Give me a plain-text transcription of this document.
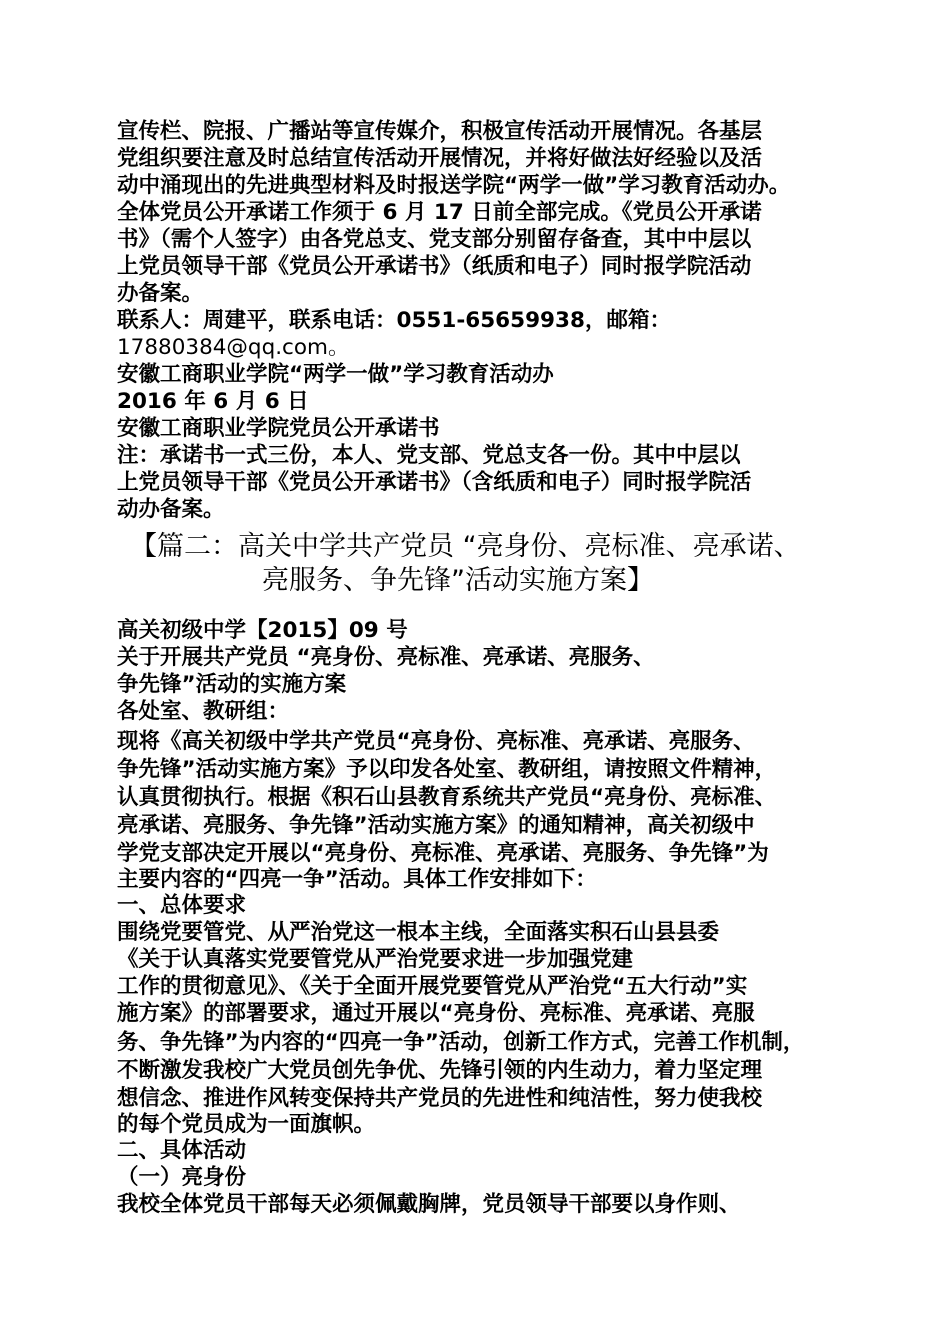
宣传栏、院报、广播站等宣传媒介，积极宣传活动开展情况。各基层
党组织要注意及时总结宣传活动开展情况，并将好做法好经验以及活
动中涌现出的先进典型材料及时报送学院“两学一做”学习教育活动办。
全体党员公开承诺工作须于 6 月 17 日前全部完成。《党员公开承诺
书》（需个人签字）由各党总支、党支部分别留存备查，其中中层以
上党员领导干部《党员公开承诺书》（纸质和电子）同时报学院活动
办备案。
联系人：周建平，联系电话：0551-65659938，邮箱：
17880384@qq.com。
安徽工商职业学院“两学一做”学习教育活动办
2016 年 6 月 6 日
安徽工商职业学院党员公开承诺书
注：承诺书一式三份，本人、党支部、党总支各一份。其中中层以
上党员领导干部《党员公开承诺书》（含纸质和电子）同时报学院活
动办备案。
【篇二：高关中学共产党员 “亮身份、亮标准、亮承诺、
亮服务、争先锋”活动实施方案】
高关初级中学【2015】09 号
关于开展共产党员 “亮身份、亮标准、亮承诺、亮服务、
争先锋”活动的实施方案
各处室、教研组：
现将《高关初级中学共产党员“亮身份、亮标准、亮承诺、亮服务、
争先锋”活动实施方案》予以印发各处室、教研组，请按照文件精神，
认真贯彻执行。根据《积石山县教育系统共产党员“亮身份、亮标准、
亮承诺、亮服务、争先锋”活动实施方案》的通知精神，高关初级中
学党支部决定开展以“亮身份、亮标准、亮承诺、亮服务、争先锋”为
主要内容的“四亮一争”活动。具体工作安排如下：
一、总体要求
围绕党要管党、从严治党这一根本主线，全面落实积石山县县委
《关于认真落实党要管党从严治党要求进一步加强党建
工作的贯彻意见》、《关于全面开展党要管党从严治党“五大行动”实
施方案》的部署要求，通过开展以“亮身份、亮标准、亮承诺、亮服
务、争先锋”为内容的“四亮一争”活动，创新工作方式，完善工作机制，
不断激发我校广大党员创先争优、先锋引领的内生动力，着力坚定理
想信念、推进作风转变保持共产党员的先进性和纯洁性，努力使我校
的每个党员成为一面旗帜。
二、具体活动
（一）亮身份
我校全体党员干部每天必须佩戴胸牌，党员领导干部要以身作则、
